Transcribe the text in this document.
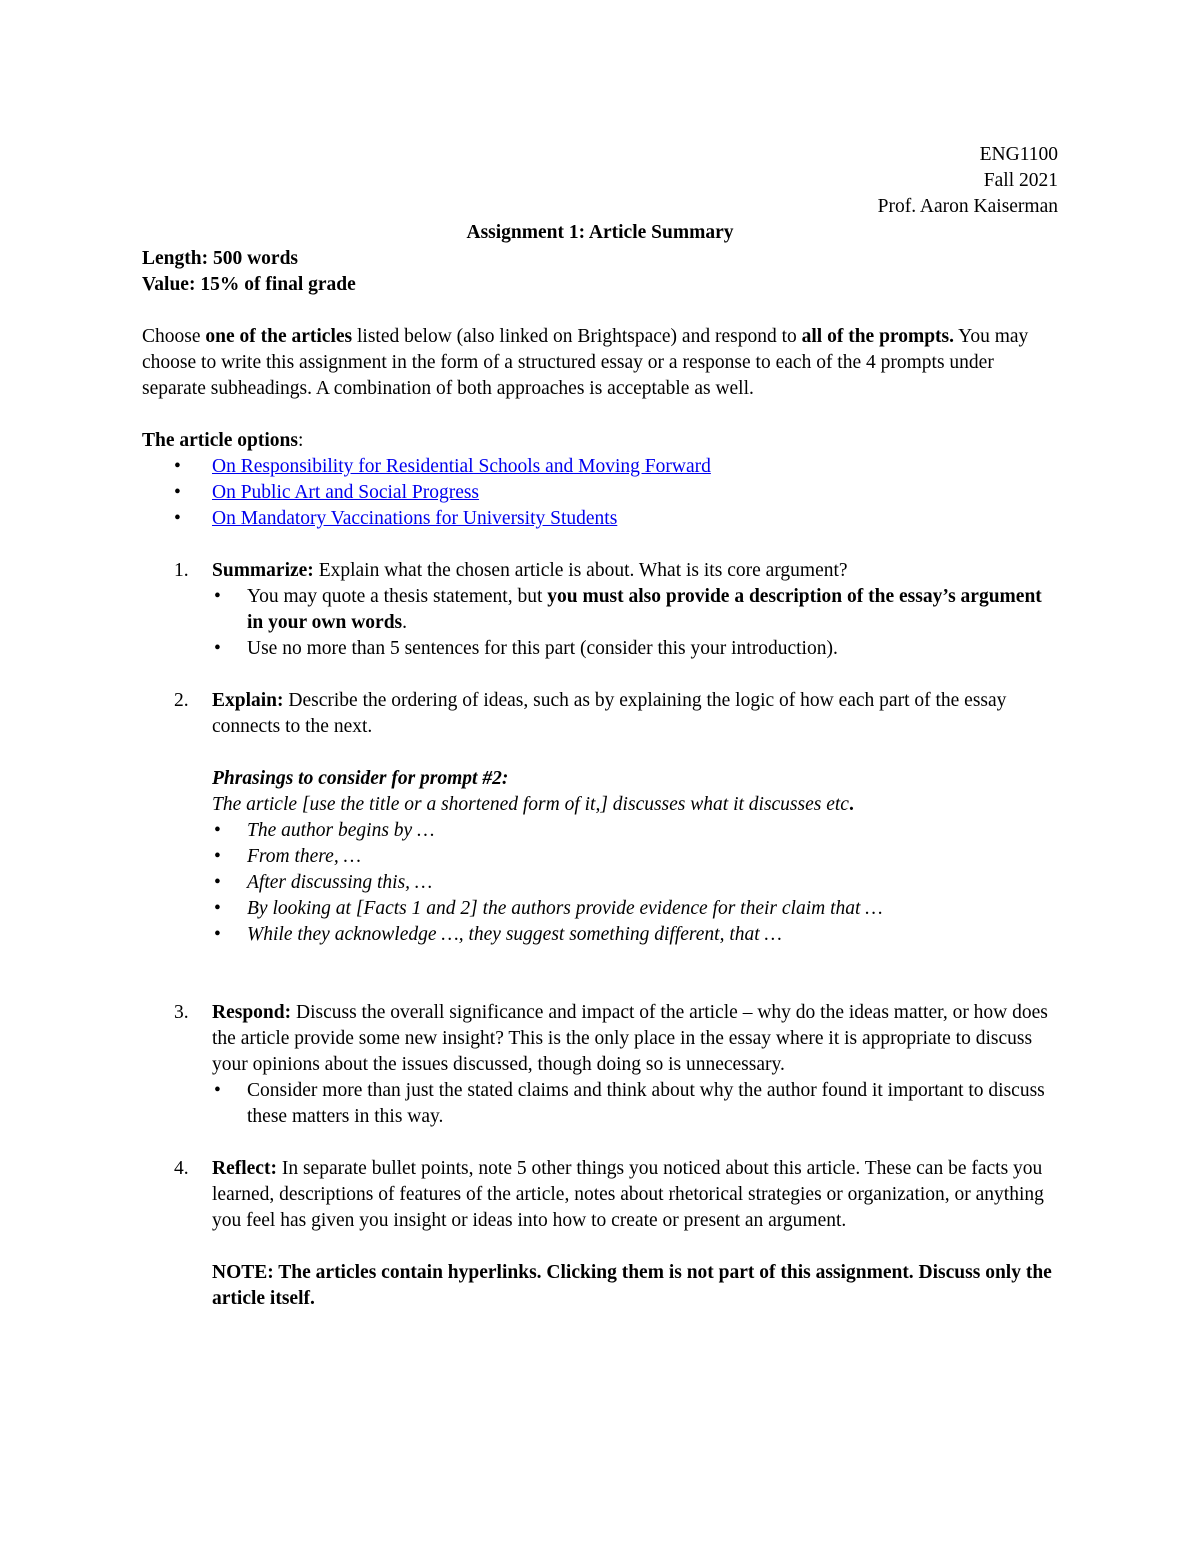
ENG1100

Fall 2021

Prof. Aaron Kaiserman

Assignment 1: Article Summary

Length: 500 words

Value: 15% of final grade

Choose one of the articles listed below (also linked on Brightspace) and respond to all of the prompts. You may choose to write this assignment in the form of a structured essay or a response to each of the 4 prompts under separate subheadings. A combination of both approaches is acceptable as well.

The article options:

• On Responsibility for Residential Schools and Moving Forward
• On Public Art and Social Progress
• On Mandatory Vaccinations for University Students
1. Summarize: Explain what the chosen article is about. What is its core argument?

• You may quote a thesis statement, but you must also provide a description of the essay’s argument in your own words.
• Use no more than 5 sentences for this part (consider this your introduction).
2. Explain: Describe the ordering of ideas, such as by explaining the logic of how each part of the essay connects to the next.

Phrasings to consider for prompt #2:

The article [use the title or a shortened form of it,] discusses what it discusses etc.

• The author begins by …
• From there, …
• After discussing this, …
• By looking at [Facts 1 and 2] the authors provide evidence for their claim that …
• While they acknowledge …, they suggest something different, that …
3. Respond: Discuss the overall significance and impact of the article – why do the ideas matter, or how does the article provide some new insight? This is the only place in the essay where it is appropriate to discuss your opinions about the issues discussed, though doing so is unnecessary.

• Consider more than just the stated claims and think about why the author found it important to discuss these matters in this way.
4. Reflect: In separate bullet points, note 5 other things you noticed about this article. These can be facts you learned, descriptions of features of the article, notes about rhetorical strategies or organization, or anything you feel has given you insight or ideas into how to create or present an argument.

NOTE: The articles contain hyperlinks. Clicking them is not part of this assignment. Discuss only the article itself.
